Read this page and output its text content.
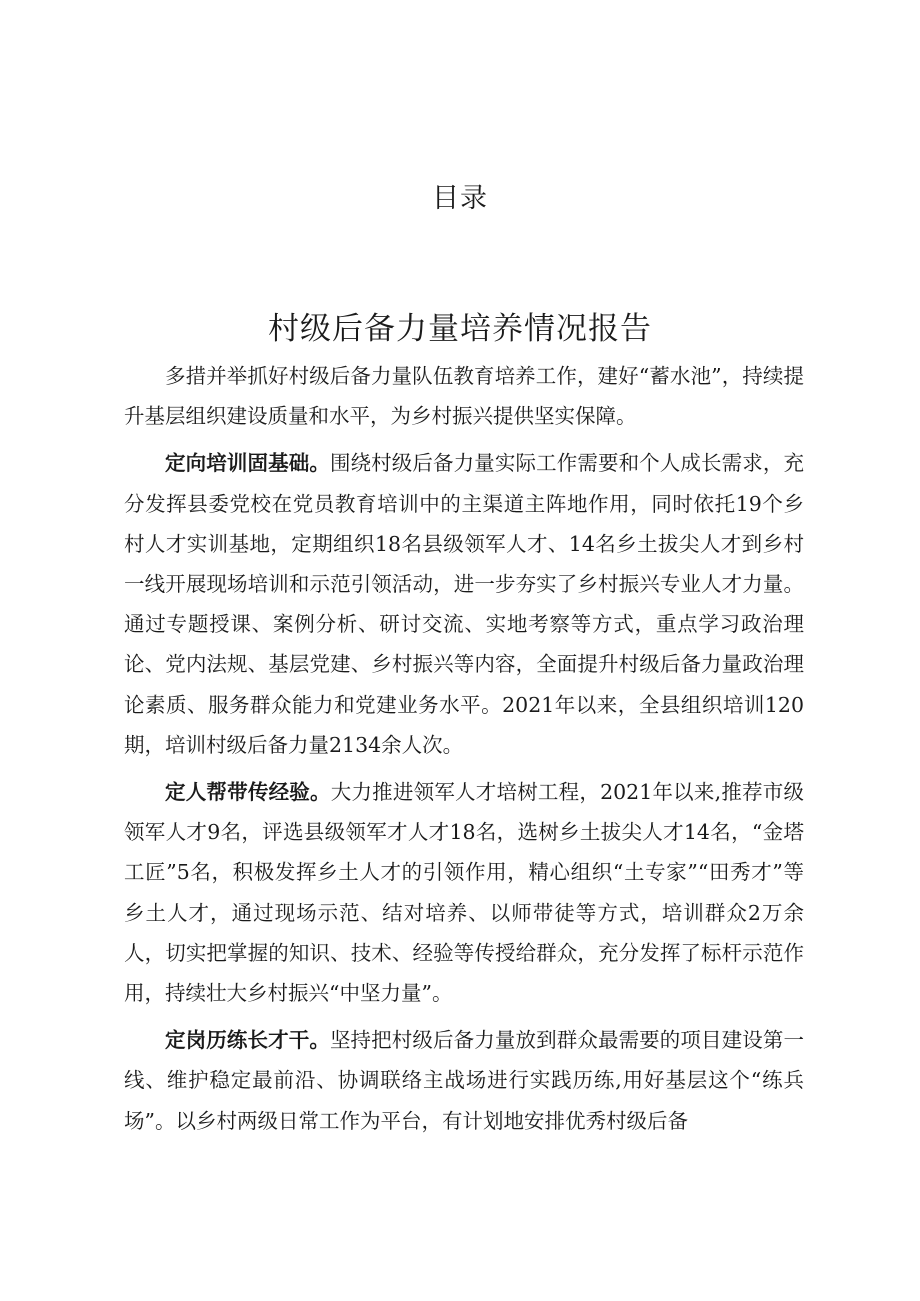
目录
村级后备力量培养情况报告

多措并举抓好村级后备力量队伍教育培养工作，建好“蓄水池”，持续提升基层组织建设质量和水平，为乡村振兴提供坚实保障。

定向培训固基础。围绕村级后备力量实际工作需要和个人成长需求，充分发挥县委党校在党员教育培训中的主渠道主阵地作用，同时依托19个乡村人才实训基地，定期组织18名县级领军人才、14名乡土拔尖人才到乡村一线开展现场培训和示范引领活动，进一步夯实了乡村振兴专业人才力量。通过专题授课、案例分析、研讨交流、实地考察等方式，重点学习政治理论、党内法规、基层党建、乡村振兴等内容，全面提升村级后备力量政治理论素质、服务群众能力和党建业务水平。2021年以来，全县组织培训120期，培训村级后备力量2134余人次。

定人帮带传经验。大力推进领军人才培树工程，2021年以来,推荐市级领军人才9名，评选县级领军才人才18名，选树乡土拔尖人才14名，“金塔工匠”5名，积极发挥乡土人才的引领作用，精心组织“土专家”“田秀才”等乡土人才，通过现场示范、结对培养、以师带徒等方式，培训群众2万余人，切实把掌握的知识、技术、经验等传授给群众，充分发挥了标杆示范作用，持续壮大乡村振兴“中坚力量”。

定岗历练长才干。坚持把村级后备力量放到群众最需要的项目建设第一线、维护稳定最前沿、协调联络主战场进行实践历练,用好基层这个“练兵场”。以乡村两级日常工作为平台，有计划地安排优秀村级后备
